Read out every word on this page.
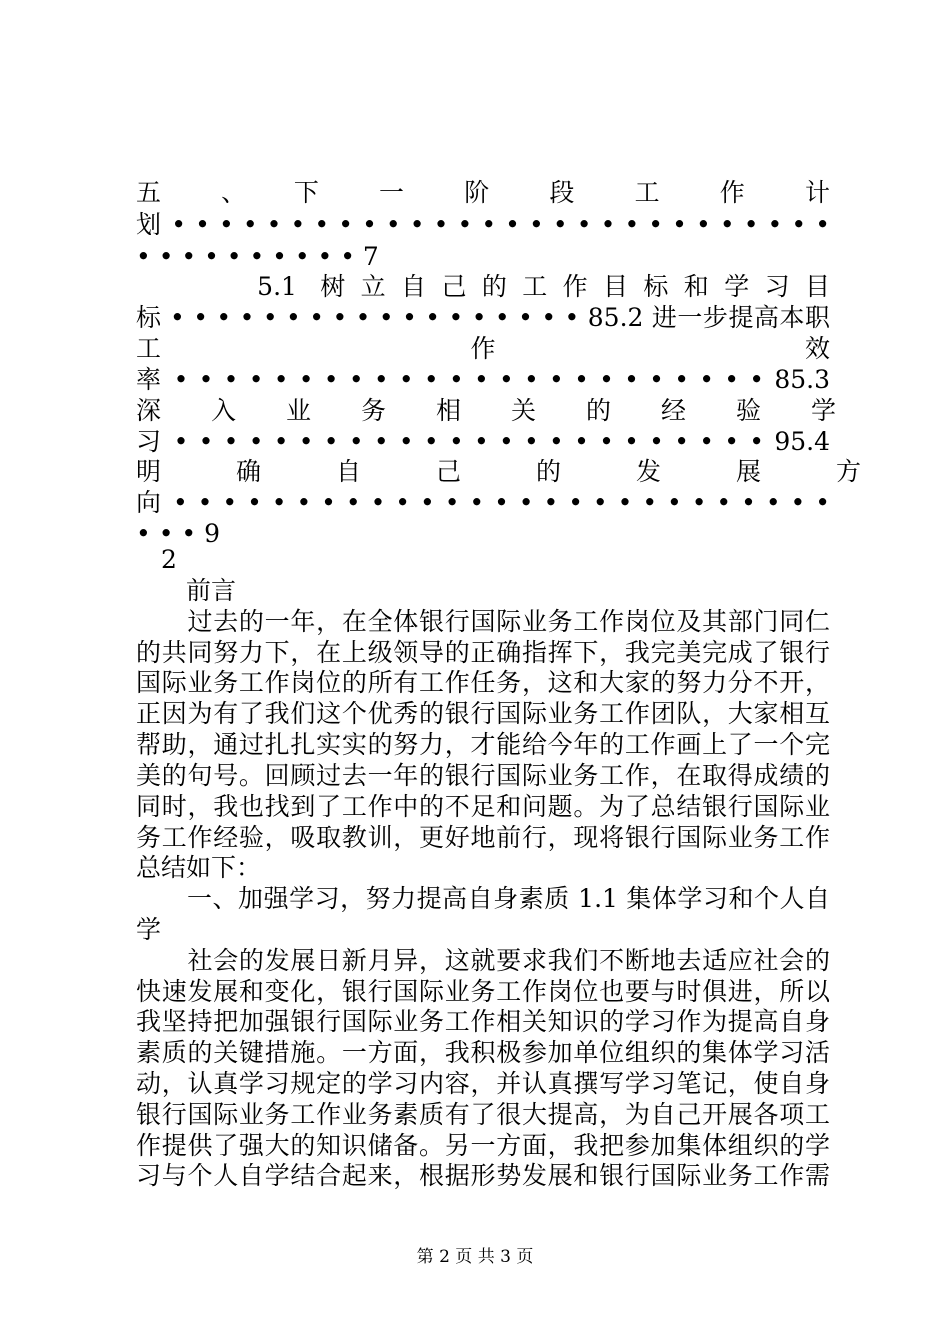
五　　、　　下　　一　　阶　　段　　工　　作　　计
划 • • • • • • • • • • • • • • • • • • • • • • • • • • • •
• • • • • • • • • • 7
　　　5.1 树立自己的工作目标和学习目
标 • • • • • • • • • • • • • • • • • • 85.2 进一步提高本职
工　　　　　　　　　作　　　　　　　　　效
率 • • • • • • • • • • • • • • • • • • • • • • • • 85.3
深　　入　　业　　务　　相　　关　　的　　经　　验　　学
习 • • • • • • • • • • • • • • • • • • • • • • • • 95.4
明　　　确　　　自　　　己　　　的　　　发　　　展　　　方
向 • • • • • • • • • • • • • • • • • • • • • • • • • • •
• • • 9
　2
　　前言
　　过去的一年，在全体银行国际业务工作岗位及其部门同仁
的共同努力下，在上级领导的正确指挥下，我完美完成了银行
国际业务工作岗位的所有工作任务，这和大家的努力分不开，
正因为有了我们这个优秀的银行国际业务工作团队，大家相互
帮助，通过扎扎实实的努力，才能给今年的工作画上了一个完
美的句号。回顾过去一年的银行国际业务工作，在取得成绩的
同时，我也找到了工作中的不足和问题。为了总结银行国际业
务工作经验，吸取教训，更好地前行，现将银行国际业务工作
总结如下：
　　一、加强学习，努力提高自身素质 1.1 集体学习和个人自
学
　　社会的发展日新月异，这就要求我们不断地去适应社会的
快速发展和变化，银行国际业务工作岗位也要与时俱进，所以
我坚持把加强银行国际业务工作相关知识的学习作为提高自身
素质的关键措施。一方面，我积极参加单位组织的集体学习活
动，认真学习规定的学习内容，并认真撰写学习笔记，使自身
银行国际业务工作业务素质有了很大提高，为自己开展各项工
作提供了强大的知识储备。另一方面，我把参加集体组织的学
习与个人自学结合起来，根据形势发展和银行国际业务工作需
第 2 页 共 3 页
